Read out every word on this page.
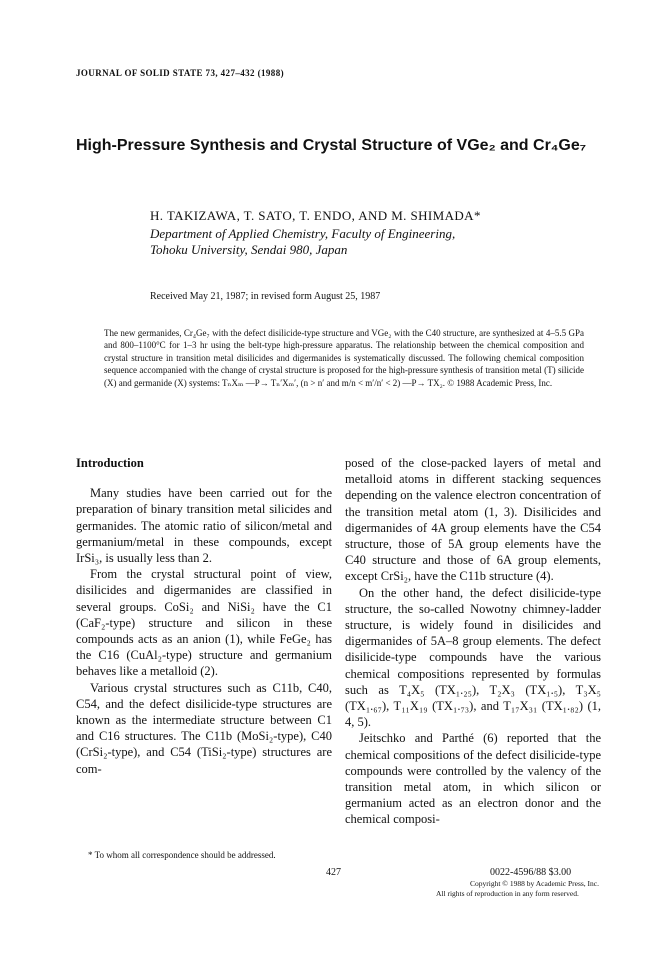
JOURNAL OF SOLID STATE 73, 427–432 (1988)
High-Pressure Synthesis and Crystal Structure of VGe₂ and Cr₄Ge₇
H. TAKIZAWA, T. SATO, T. ENDO, AND M. SHIMADA*
Department of Applied Chemistry, Faculty of Engineering,
Tohoku University, Sendai 980, Japan
Received May 21, 1987; in revised form August 25, 1987

The new germanides, Cr₄Ge₇ with the defect disilicide-type structure and VGe₂ with the C40 structure, are synthesized at 4–5.5 GPa and 800–1100°C for 1–3 hr using the belt-type high-pressure apparatus. The relationship between the chemical composition and crystal structure in transition metal disilicides and digermanides is systematically discussed. The following chemical composition sequence accompanied with the change of crystal structure is proposed for the high-pressure synthesis of transition metal (T) silicide (X) and germanide (X) systems: TₙXₘ —P→ Tₙ′Xₘ′, (n > n′ and m/n < m′/n′ < 2) —P→ TX₂. © 1988 Academic Press, Inc.

Introduction

Many studies have been carried out for the preparation of binary transition metal silicides and germanides. The atomic ratio of silicon/metal and germanium/metal in these compounds, except IrSi₃, is usually less than 2.

From the crystal structural point of view, disilicides and digermanides are classified in several groups. CoSi₂ and NiSi₂ have the C1 (CaF₂-type) structure and silicon in these compounds acts as an anion (1), while FeGe₂ has the C16 (CuAl₂-type) structure and germanium behaves like a metalloid (2).

Various crystal structures such as C11b, C40, C54, and the defect disilicide-type structures are known as the intermediate structure between C1 and C16 structures. The C11b (MoSi₂-type), C40 (CrSi₂-type), and C54 (TiSi₂-type) structures are com-

posed of the close-packed layers of metal and metalloid atoms in different stacking sequences depending on the valence electron concentration of the transition metal atom (1, 3). Disilicides and digermanides of 4A group elements have the C54 structure, those of 5A group elements have the C40 structure and those of 6A group elements, except CrSi₂, have the C11b structure (4).

On the other hand, the defect disilicide-type structure, the so-called Nowotny chimney-ladder structure, is widely found in disilicides and digermanides of 5A–8 group elements. The defect disilicide-type compounds have the various chemical compositions represented by formulas such as T₄X₅ (TX₁.₂₅), T₂X₃ (TX₁.₅), T₃X₅ (TX₁.₆₇), T₁₁X₁₉ (TX₁.₇₃), and T₁₇X₃₁ (TX₁.₈₂) (1, 4, 5).

Jeitschko and Parthé (6) reported that the chemical compositions of the defect disilicide-type compounds were controlled by the valency of the transition metal atom, in which silicon or germanium acted as an electron donor and the chemical composi-

* To whom all correspondence should be addressed.
427	0022-4596/88 $3.00
Copyright © 1988 by Academic Press, Inc.
All rights of reproduction in any form reserved.
